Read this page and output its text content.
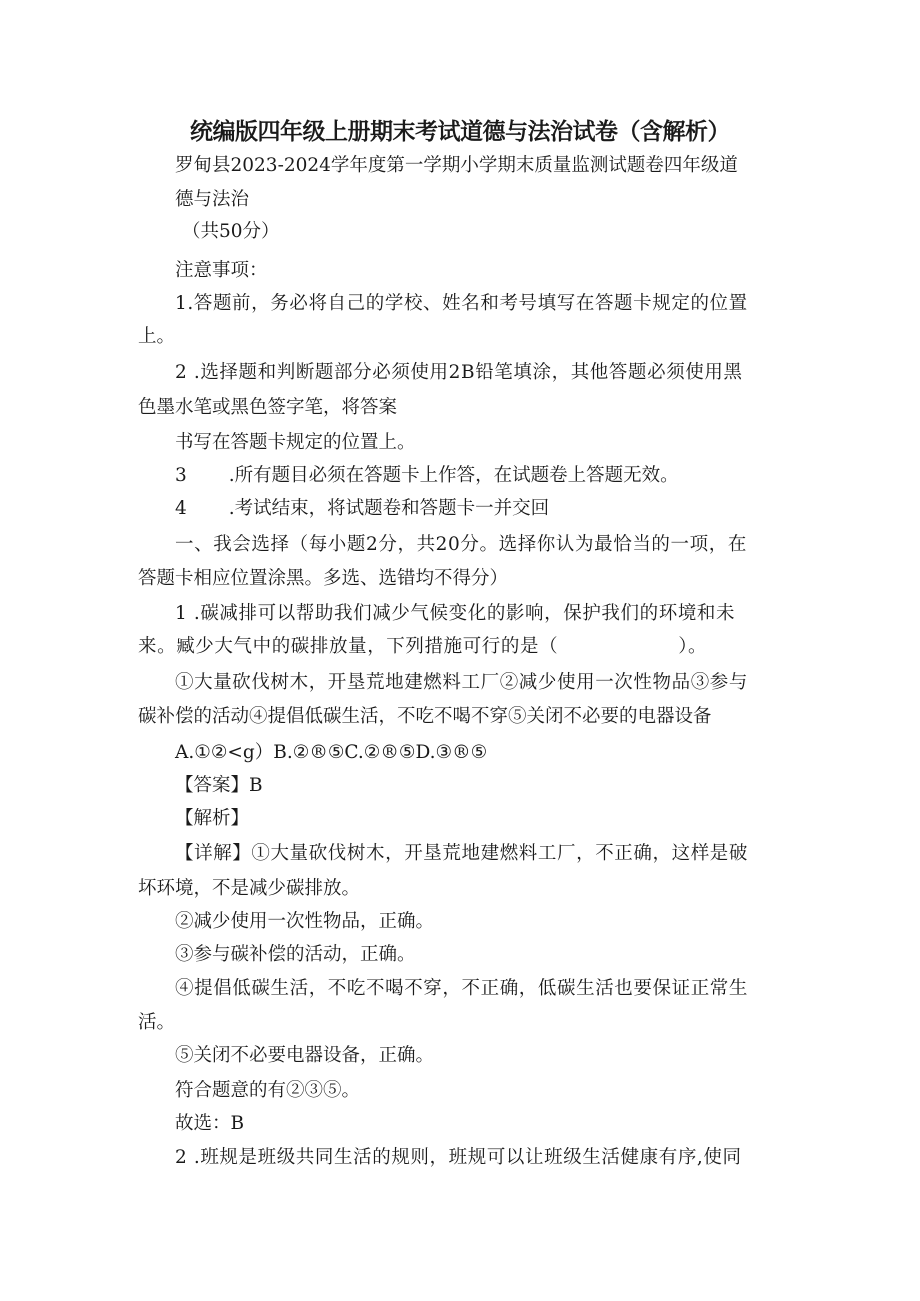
统编版四年级上册期末考试道德与法治试卷（含解析）
罗甸县2023-2024学年度第一学期小学期末质量监测试题卷四年级道
德与法治
（共50分）
注意事项：
1.答题前，务必将自己的学校、姓名和考号填写在答题卡规定的位置
上。
2 .选择题和判断题部分必须使用2B铅笔填涂，其他答题必须使用黑
色墨水笔或黑色签字笔，将答案
书写在答题卡规定的位置上。
3 .所有题目必须在答题卡上作答，在试题卷上答题无效。
4 .考试结束，将试题卷和答题卡一并交回
一、我会选择（每小题2分，共20分。选择你认为最恰当的一项，在
答题卡相应位置涂黑。多选、选错均不得分）
1 .碳减排可以帮助我们减少气候变化的影响，保护我们的环境和未
来。臧少大气中的碳排放量，下列措施可行的是（	）。
①大量砍伐树木，开垦荒地建燃料工厂②减少使用一次性物品③参与
碳补偿的活动④提倡低碳生活，不吃不喝不穿⑤关闭不必要的电器设备
A.①②<g）B.②®⑤C.②®⑤D.③®⑤
【答案】B
【解析】
【详解】①大量砍伐树木，开垦荒地建燃料工厂，不正确，这样是破
坏环境，不是减少碳排放。
②减少使用一次性物品，正确。
③参与碳补偿的活动，正确。
④提倡低碳生活，不吃不喝不穿，不正确，低碳生活也要保证正常生
活。
⑤关闭不必要电器设备，正确。
符合题意的有②③⑤。
故选：B
2 .班规是班级共同生活的规则，班规可以让班级生活健康有序,使同
